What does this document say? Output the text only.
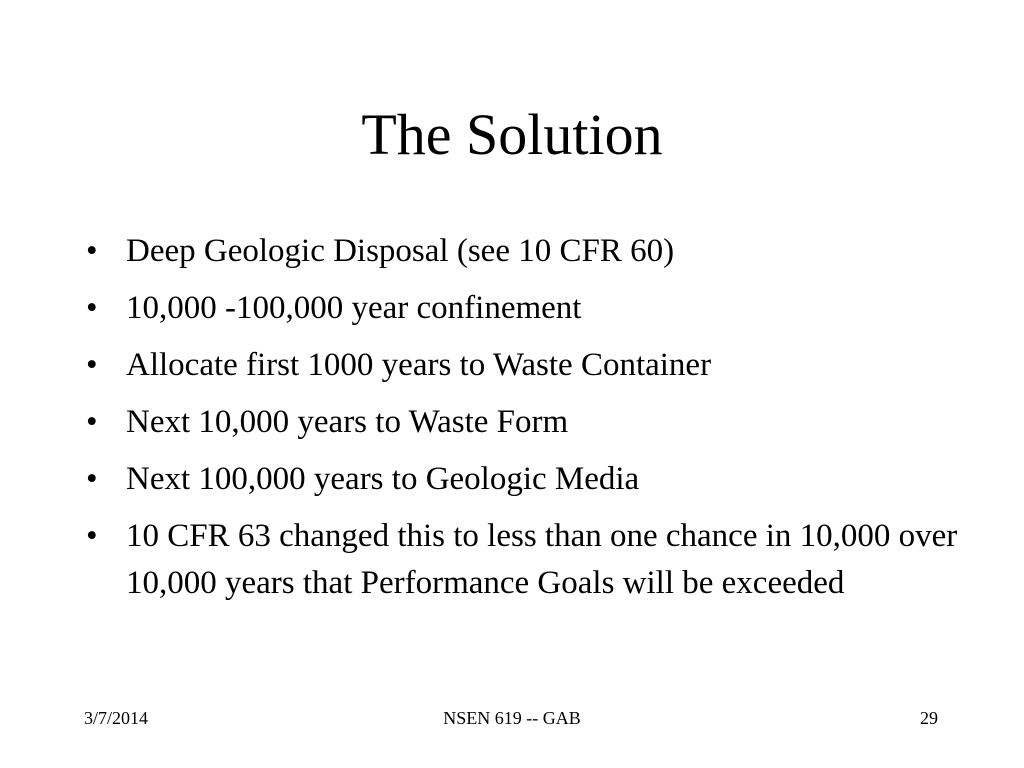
The Solution
• Deep Geologic Disposal (see 10 CFR 60)
• 10,000 -100,000 year confinement
• Allocate first 1000 years to Waste Container
• Next 10,000 years to Waste Form
• Next 100,000 years to Geologic Media
• 10 CFR 63 changed this to less than one chance in 10,000 over 10,000 years that Performance Goals will be exceeded
3/7/2014	NSEN 619 -- GAB	29
